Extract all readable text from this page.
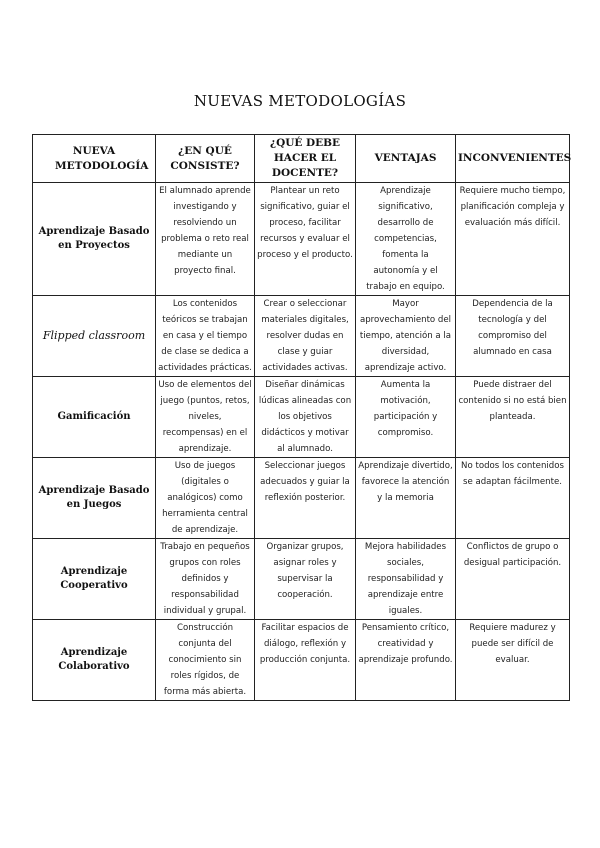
NUEVAS METODOLOGÍAS
NUEVA METODOLOGÍA	¿EN QUÉ CONSISTE?	¿QUÉ DEBE HACER EL DOCENTE?	VENTAJAS	INCONVENIENTES
Aprendizaje Basado en Proyectos	El alumnado aprende investigando y resolviendo un problema o reto real mediante un proyecto final.	Plantear un reto significativo, guiar el proceso, facilitar recursos y evaluar el proceso y el producto.	Aprendizaje significativo, desarrollo de competencias, fomenta la autonomía y el trabajo en equipo.	Requiere mucho tiempo, planificación compleja y evaluación más difícil.
Flipped classroom	Los contenidos teóricos se trabajan en casa y el tiempo de clase se dedica a actividades prácticas.	Crear o seleccionar materiales digitales, resolver dudas en clase y guiar actividades activas.	Mayor aprovechamiento del tiempo, atención a la diversidad, aprendizaje activo.	Dependencia de la tecnología y del compromiso del alumnado en casa
Gamificación	Uso de elementos del juego (puntos, retos, niveles, recompensas) en el aprendizaje.	Diseñar dinámicas lúdicas alineadas con los objetivos didácticos y motivar al alumnado.	Aumenta la motivación, participación y compromiso.	Puede distraer del contenido si no está bien planteada.
Aprendizaje Basado en Juegos	Uso de juegos (digitales o analógicos) como herramienta central de aprendizaje.	Seleccionar juegos adecuados y guiar la reflexión posterior.	Aprendizaje divertido, favorece la atención y la memoria	No todos los contenidos se adaptan fácilmente.
Aprendizaje Cooperativo	Trabajo en pequeños grupos con roles definidos y responsabilidad individual y grupal.	Organizar grupos, asignar roles y supervisar la cooperación.	Mejora habilidades sociales, responsabilidad y aprendizaje entre iguales.	Conflictos de grupo o desigual participación.
Aprendizaje Colaborativo	Construcción conjunta del conocimiento sin roles rígidos, de forma más abierta.	Facilitar espacios de diálogo, reflexión y producción conjunta.	Pensamiento crítico, creatividad y aprendizaje profundo.	Requiere madurez y puede ser difícil de evaluar.
